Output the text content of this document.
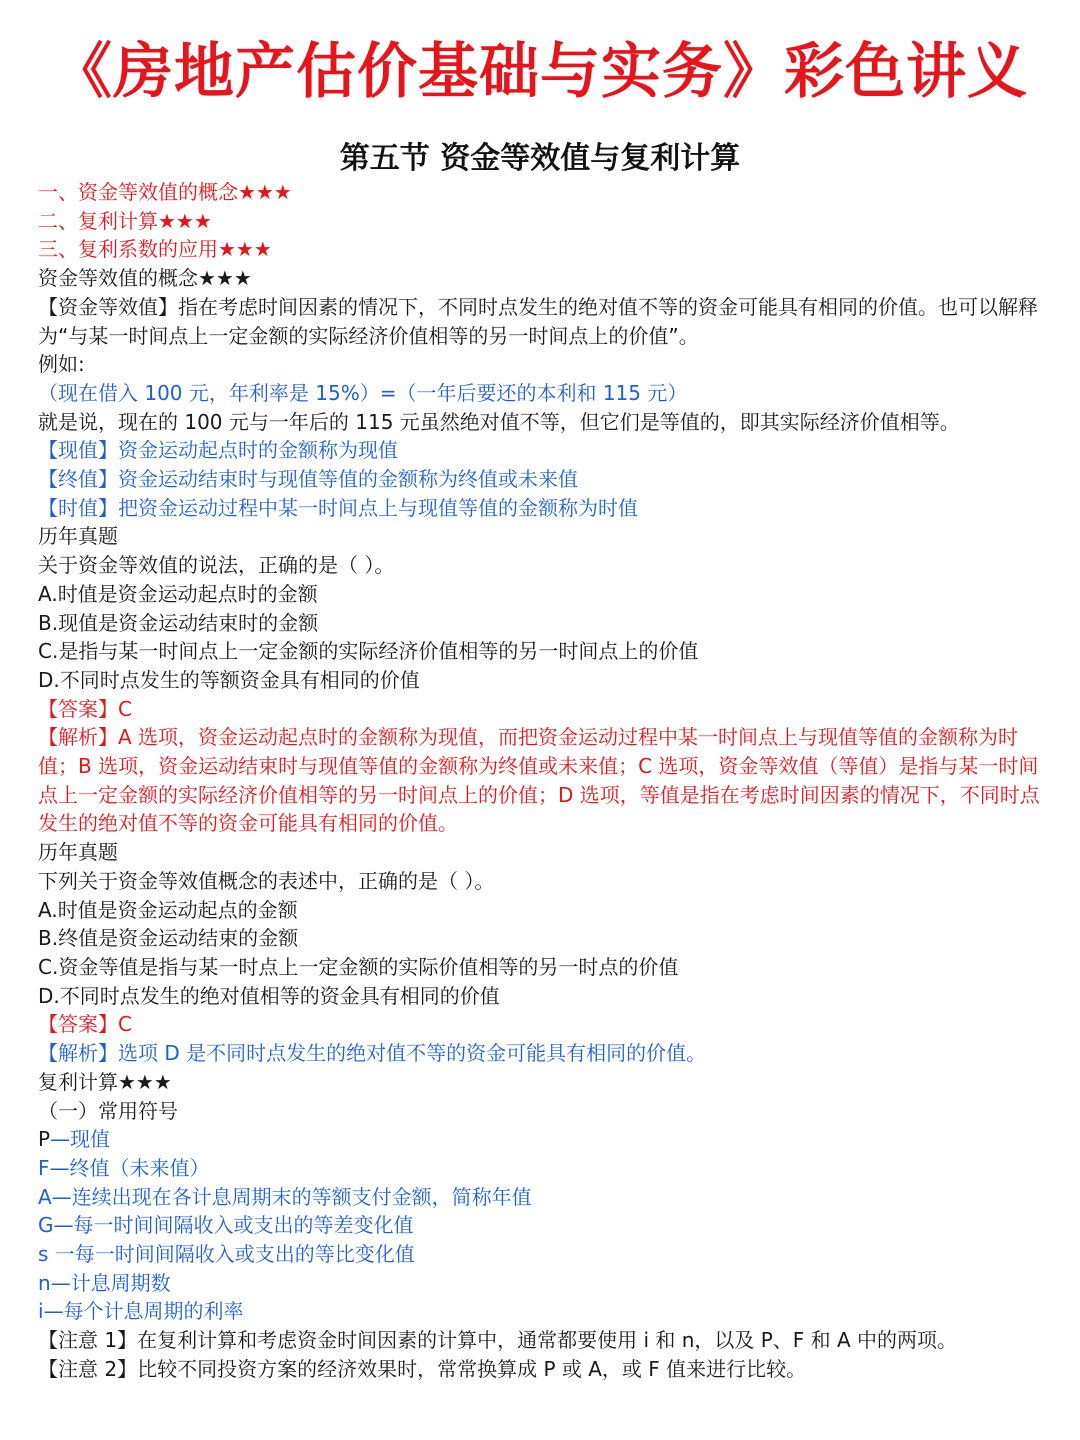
《房地产估价基础与实务》彩色讲义
第五节 资金等效值与复利计算
一、资金等效值的概念★★★
二、复利计算★★★
三、复利系数的应用★★★
资金等效值的概念★★★
【资金等效值】指在考虑时间因素的情况下，不同时点发生的绝对值不等的资金可能具有相同的价值。也可以解释为“与某一时间点上一定金额的实际经济价值相等的另一时间点上的价值”。
例如:
（现在借入 100 元，年利率是 15%）=（一年后要还的本利和 115 元）
就是说，现在的 100 元与一年后的 115 元虽然绝对值不等，但它们是等值的，即其实际经济价值相等。
【现值】资金运动起点时的金额称为现值
【终值】资金运动结束时与现值等值的金额称为终值或未来值
【时值】把资金运动过程中某一时间点上与现值等值的金额称为时值
历年真题
关于资金等效值的说法，正确的是（ ）。
A.时值是资金运动起点时的金额
B.现值是资金运动结束时的金额
C.是指与某一时间点上一定金额的实际经济价值相等的另一时间点上的价值
D.不同时点发生的等额资金具有相同的价值
【答案】C
【解析】A 选项，资金运动起点时的金额称为现值，而把资金运动过程中某一时间点上与现值等值的金额称为时值；B 选项，资金运动结束时与现值等值的金额称为终值或未来值；C 选项，资金等效值（等值）是指与某一时间点上一定金额的实际经济价值相等的另一时间点上的价值；D 选项，等值是指在考虑时间因素的情况下，不同时点发生的绝对值不等的资金可能具有相同的价值。
历年真题
下列关于资金等效值概念的表述中，正确的是（ ）。
A.时值是资金运动起点的金额
B.终值是资金运动结束的金额
C.资金等值是指与某一时点上一定金额的实际价值相等的另一时点的价值
D.不同时点发生的绝对值相等的资金具有相同的价值
【答案】C
【解析】选项 D 是不同时点发生的绝对值不等的资金可能具有相同的价值。
复利计算★★★
（一）常用符号
P—现值
F—终值（未来值）
A—连续出现在各计息周期末的等额支付金额，简称年值
G—每一时间间隔收入或支出的等差变化值
s 一每一时间间隔收入或支出的等比变化值
n—计息周期数
i—每个计息周期的利率
【注意 1】在复利计算和考虑资金时间因素的计算中，通常都要使用 i 和 n，以及 P、F 和 A 中的两项。
【注意 2】比较不同投资方案的经济效果时，常常换算成 P 或 A，或 F 值来进行比较。
